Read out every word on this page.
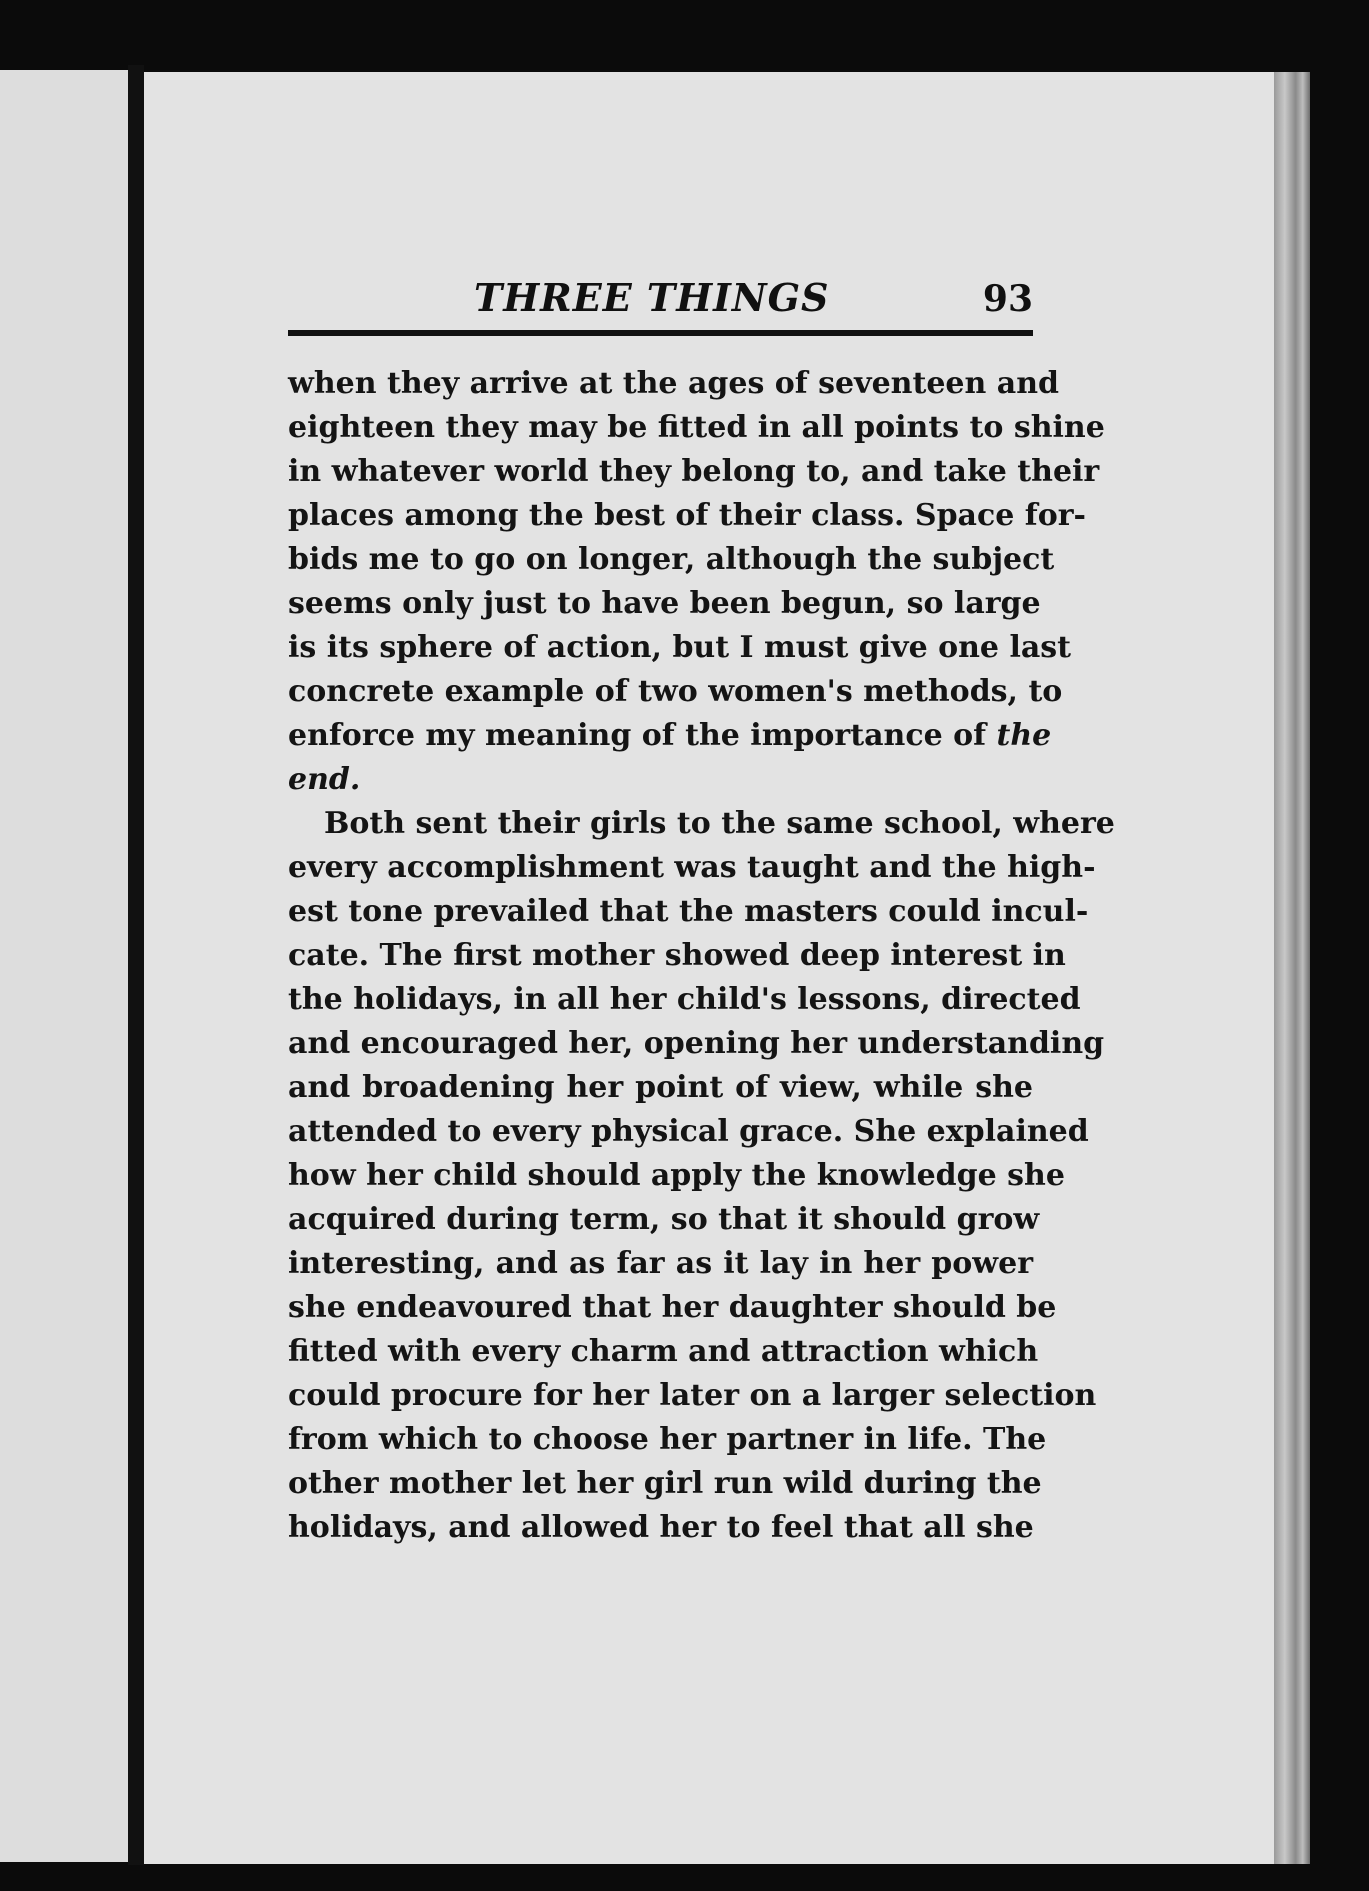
THREE THINGS	93
when they arrive at the ages of seventeen and
eighteen they may be fitted in all points to shine
in whatever world they belong to, and take their
places among the best of their class. Space for-
bids me to go on longer, although the subject
seems only just to have been begun, so large
is its sphere of action, but I must give one last
concrete example of two women's methods, to
enforce my meaning of the importance of the
end.
Both sent their girls to the same school, where
every accomplishment was taught and the high-
est tone prevailed that the masters could incul-
cate. The first mother showed deep interest in
the holidays, in all her child's lessons, directed
and encouraged her, opening her understanding
and broadening her point of view, while she
attended to every physical grace. She explained
how her child should apply the knowledge she
acquired during term, so that it should grow
interesting, and as far as it lay in her power
she endeavoured that her daughter should be
fitted with every charm and attraction which
could procure for her later on a larger selection
from which to choose her partner in life. The
other mother let her girl run wild during the
holidays, and allowed her to feel that all she
